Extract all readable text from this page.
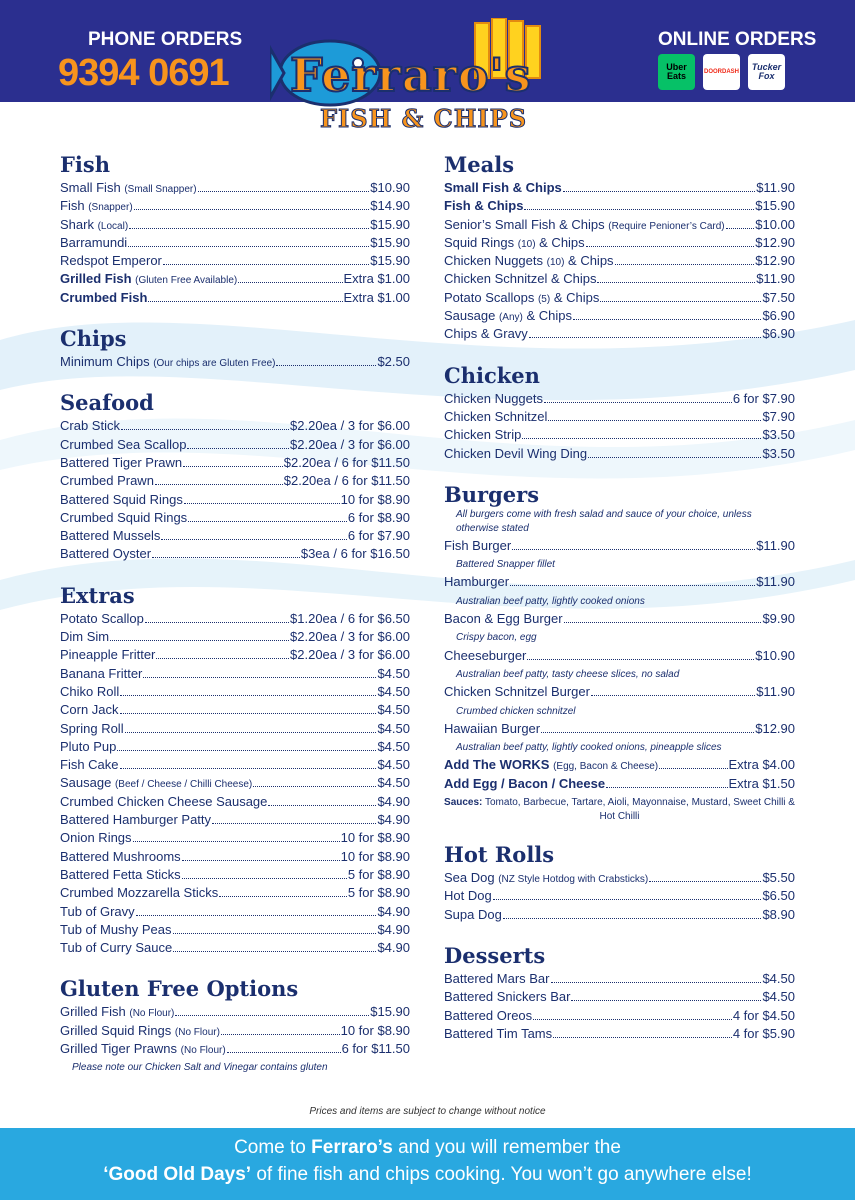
PHONE ORDERS
9394 0691
ONLINE ORDERS
Uber Eats	DOORDASH	Tucker Fox
Ferraro's
FISH & CHIPS
Fish
Small Fish (Small Snapper)	$10.90
Fish (Snapper)	$14.90
Shark (Local)	$15.90
Barramundi	$15.90
Redspot Emperor	$15.90
Grilled Fish (Gluten Free Available)	Extra $1.00
Crumbed Fish	Extra $1.00
Chips
Minimum Chips (Our chips are Gluten Free)	$2.50
Seafood
Crab Stick	$2.20ea / 3 for $6.00
Crumbed Sea Scallop	$2.20ea / 3 for $6.00
Battered Tiger Prawn	$2.20ea / 6 for $11.50
Crumbed Prawn	$2.20ea / 6 for $11.50
Battered Squid Rings	10 for $8.90
Crumbed Squid Rings	6 for $8.90
Battered Mussels	6 for $7.90
Battered Oyster	$3ea / 6 for $16.50
Extras
Potato Scallop	$1.20ea / 6 for $6.50
Dim Sim	$2.20ea / 3 for $6.00
Pineapple Fritter	$2.20ea / 3 for $6.00
Banana Fritter	$4.50
Chiko Roll	$4.50
Corn Jack	$4.50
Spring Roll	$4.50
Pluto Pup	$4.50
Fish Cake	$4.50
Sausage (Beef / Cheese / Chilli Cheese)	$4.50
Crumbed Chicken Cheese Sausage	$4.90
Battered Hamburger Patty	$4.90
Onion Rings	10 for $8.90
Battered Mushrooms	10 for $8.90
Battered Fetta Sticks	5 for $8.90
Crumbed Mozzarella Sticks	5 for $8.90
Tub of Gravy	$4.90
Tub of Mushy Peas	$4.90
Tub of Curry Sauce	$4.90
Gluten Free Options
Grilled Fish (No Flour)	$15.90
Grilled Squid Rings (No Flour)	10 for $8.90
Grilled Tiger Prawns (No Flour)	6 for $11.50
Please note our Chicken Salt and Vinegar contains gluten
Meals
Small Fish & Chips	$11.90
Fish & Chips	$15.90
Senior’s Small Fish & Chips (Require Penioner’s Card) $10.00
Squid Rings (10) & Chips	$12.90
Chicken Nuggets (10) & Chips	$12.90
Chicken Schnitzel & Chips	$11.90
Potato Scallops (5) & Chips	$7.50
Sausage (Any) & Chips	$6.90
Chips & Gravy	$6.90
Chicken
Chicken Nuggets	6 for $7.90
Chicken Schnitzel	$7.90
Chicken Strip	$3.50
Chicken Devil Wing Ding	$3.50
Burgers
All burgers come with fresh salad and sauce of your choice, unless otherwise stated
Fish Burger	$11.90
Battered Snapper fillet
Hamburger	$11.90
Australian beef patty, lightly cooked onions
Bacon & Egg Burger	$9.90
Crispy bacon, egg
Cheeseburger	$10.90
Australian beef patty, tasty cheese slices, no salad
Chicken Schnitzel Burger	$11.90
Crumbed chicken schnitzel
Hawaiian Burger	$12.90
Australian beef patty, lightly cooked onions, pineapple slices
Add The WORKS (Egg, Bacon & Cheese)	Extra $4.00
Add Egg / Bacon / Cheese	Extra $1.50
Sauces: Tomato, Barbecue, Tartare, Aioli, Mayonnaise, Mustard, Sweet Chilli & Hot Chilli
Hot Rolls
Sea Dog (NZ Style Hotdog with Crabsticks)	$5.50
Hot Dog	$6.50
Supa Dog	$8.90
Desserts
Battered Mars Bar	$4.50
Battered Snickers Bar	$4.50
Battered Oreos	4 for $4.50
Battered Tim Tams	4 for $5.90
Prices and items are subject to change without notice
Come to Ferraro’s and you will remember the
‘Good Old Days’ of fine fish and chips cooking. You won’t go anywhere else!
